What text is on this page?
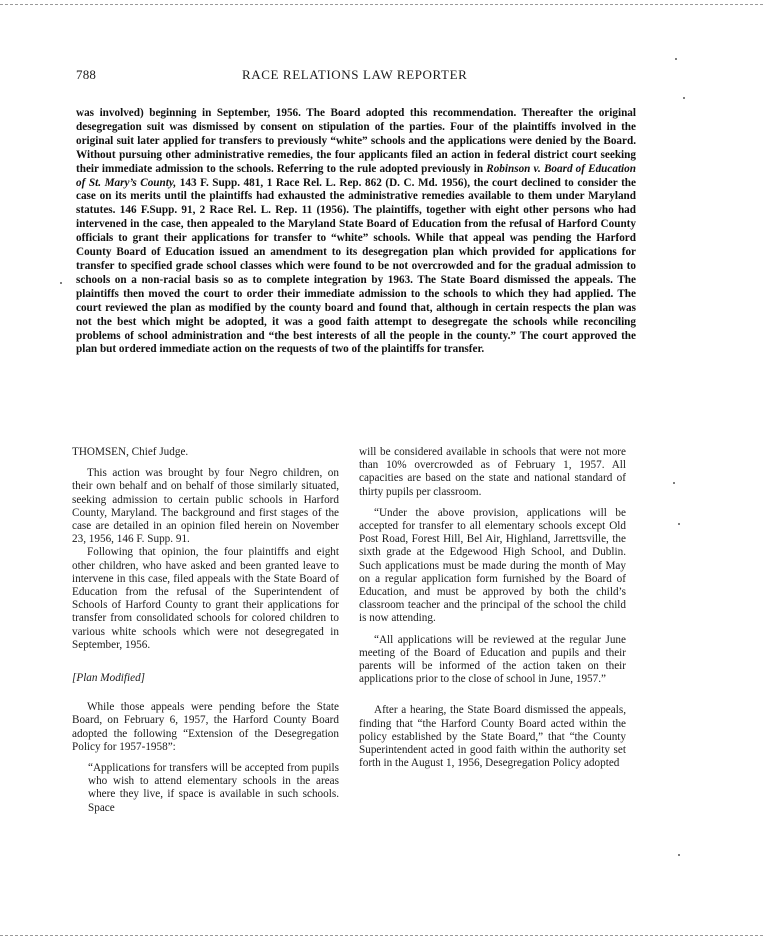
788	RACE RELATIONS LAW REPORTER

was involved) beginning in September, 1956. The Board adopted this recommendation. Thereafter the original desegregation suit was dismissed by consent on stipulation of the parties. Four of the plaintiffs involved in the original suit later applied for transfers to previously “white” schools and the applications were denied by the Board. Without pursuing other administrative remedies, the four applicants filed an action in federal district court seeking their immediate admission to the schools. Referring to the rule adopted previously in Robinson v. Board of Education of St. Mary’s County, 143 F. Supp. 481, 1 Race Rel. L. Rep. 862 (D. C. Md. 1956), the court declined to consider the case on its merits until the plaintiffs had exhausted the administrative remedies available to them under Maryland statutes. 146 F.Supp. 91, 2 Race Rel. L. Rep. 11 (1956). The plaintiffs, together with eight other persons who had intervened in the case, then appealed to the Maryland State Board of Education from the refusal of Harford County officials to grant their applications for transfer to “white” schools. While that appeal was pending the Harford County Board of Education issued an amendment to its desegregation plan which provided for applications for transfer to specified grade school classes which were found to be not overcrowded and for the gradual admission to schools on a non-racial basis so as to complete integration by 1963. The State Board dismissed the appeals. The plaintiffs then moved the court to order their immediate admission to the schools to which they had applied. The court reviewed the plan as modified by the county board and found that, although in certain respects the plan was not the best which might be adopted, it was a good faith attempt to desegregate the schools while reconciling problems of school administration and “the best interests of all the people in the county.” The court approved the plan but ordered immediate action on the requests of two of the plaintiffs for transfer.

THOMSEN, Chief Judge.

This action was brought by four Negro children, on their own behalf and on behalf of those similarly situated, seeking admission to certain public schools in Harford County, Maryland. The background and first stages of the case are detailed in an opinion filed herein on November 23, 1956, 146 F. Supp. 91.

Following that opinion, the four plaintiffs and eight other children, who have asked and been granted leave to intervene in this case, filed appeals with the State Board of Education from the refusal of the Superintendent of Schools of Harford County to grant their applications for transfer from consolidated schools for colored children to various white schools which were not desegregated in September, 1956.

[Plan Modified]

While those appeals were pending before the State Board, on February 6, 1957, the Harford County Board adopted the following “Extension of the Desegregation Policy for 1957-1958”:

“Applications for transfers will be accepted from pupils who wish to attend elementary schools in the areas where they live, if space is available in such schools. Space

will be considered available in schools that were not more than 10% overcrowded as of February 1, 1957. All capacities are based on the state and national standard of thirty pupils per classroom.

“Under the above provision, applications will be accepted for transfer to all elementary schools except Old Post Road, Forest Hill, Bel Air, Highland, Jarrettsville, the sixth grade at the Edgewood High School, and Dublin. Such applications must be made during the month of May on a regular application form furnished by the Board of Education, and must be approved by both the child’s classroom teacher and the principal of the school the child is now attending.

“All applications will be reviewed at the regular June meeting of the Board of Education and pupils and their parents will be informed of the action taken on their applications prior to the close of school in June, 1957.”

After a hearing, the State Board dismissed the appeals, finding that “the Harford County Board acted within the policy established by the State Board,” that “the County Superintendent acted in good faith within the authority set forth in the August 1, 1956, Desegregation Policy adopted
